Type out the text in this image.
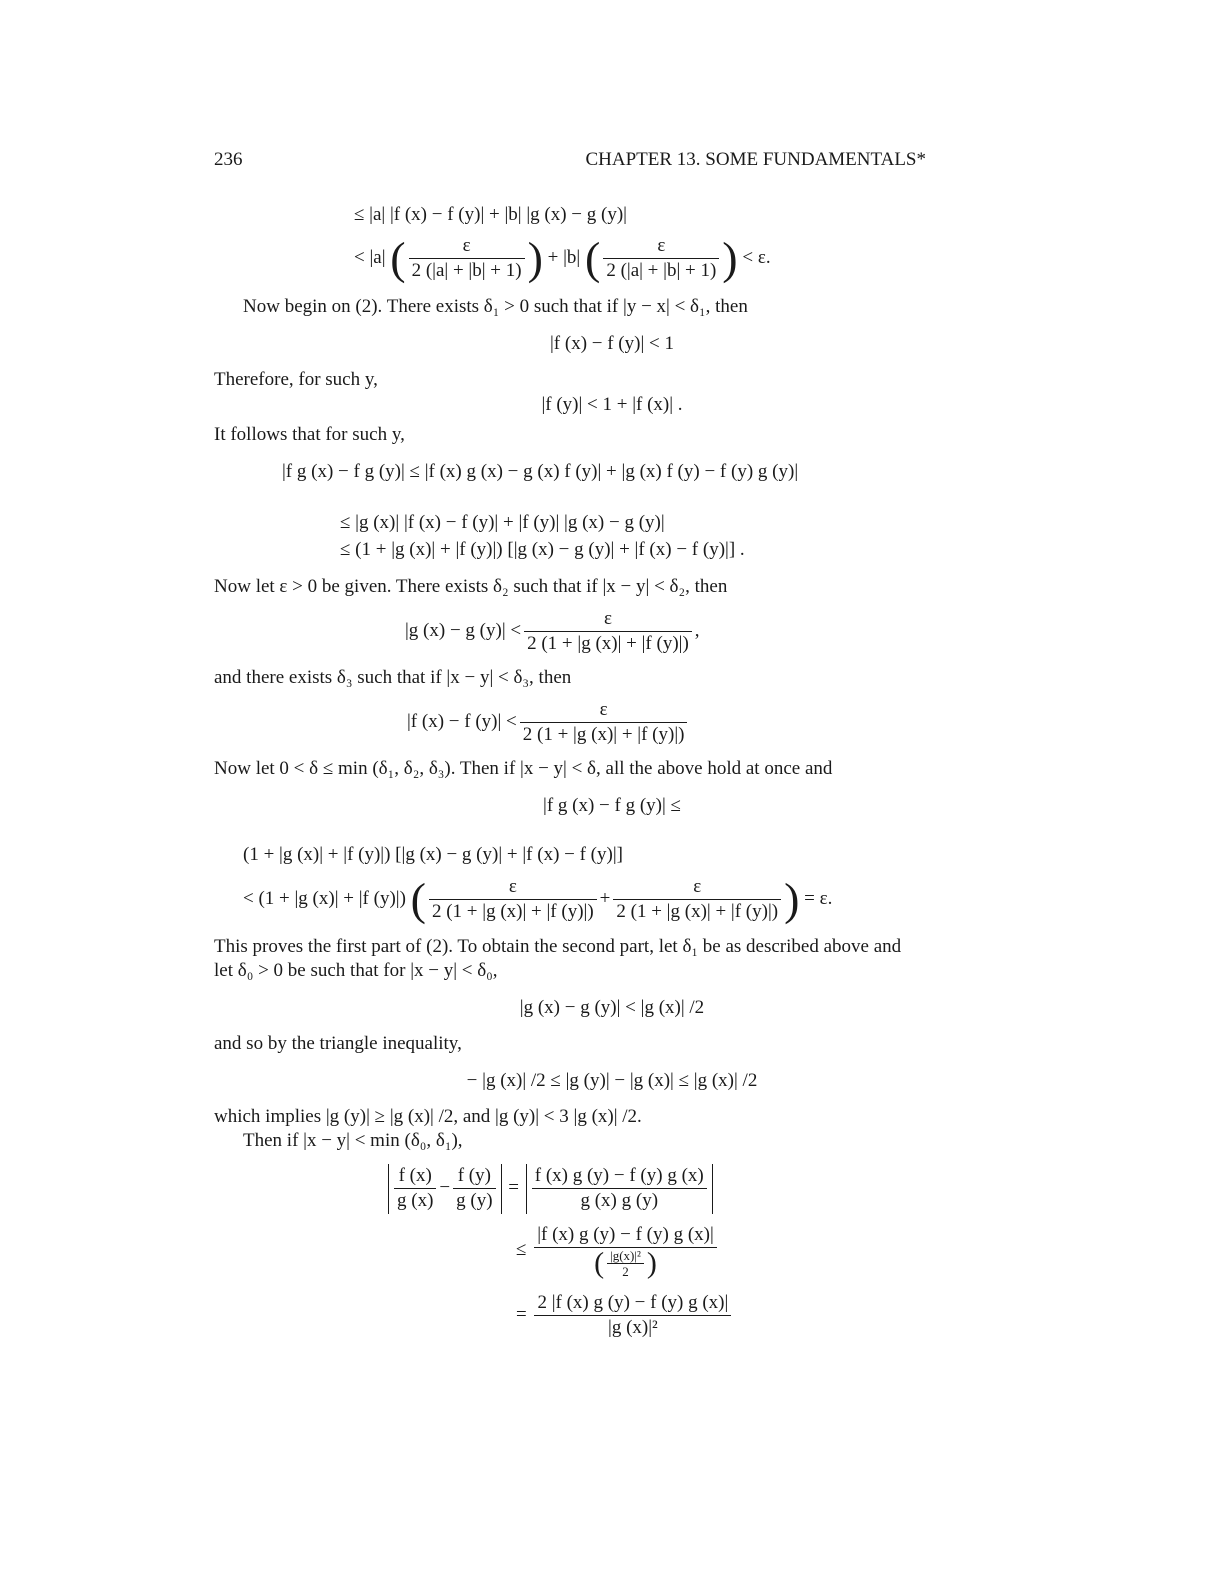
236	CHAPTER 13. SOME FUNDAMENTALS*
≤ |a| |f (x) − f (y)| + |b| |g (x) − g (y)|
< |a| ( $\frac{\varepsilon}{2 (|a| + |b| + 1)}$ ) + |b| ( $\frac{\varepsilon}{2 (|a| + |b| + 1)}$ ) < ε.
Now begin on (2). There exists δ₁ > 0 such that if |y − x| < δ₁, then
|f (x) − f (y)| < 1
Therefore, for such y,
|f (y)| < 1 + |f (x)| .
It follows that for such y,
|f g (x) − f g (y)| ≤ |f (x) g (x) − g (x) f (y)| + |g (x) f (y) − f (y) g (y)|
≤ |g (x)| |f (x) − f (y)| + |f (y)| |g (x) − g (y)|
≤ (1 + |g (x)| + |f (y)|) [|g (x) − g (y)| + |f (x) − f (y)|] .
Now let ε > 0 be given. There exists δ₂ such that if |x − y| < δ₂, then
|g (x) − g $(y)| < \frac{\varepsilon}{2 (1 + |g (x)| + |f (y)|)}$ ,
and there exists δ₃ such that if |x − y| < δ₃, then
|f (x) − f $(y)| < \frac{\varepsilon}{2 (1 + |g (x)| + |f (y)|)}$
Now let 0 < δ ≤ min (δ₁, δ₂, δ₃). Then if |x − y| < δ, all the above hold at once and
|f g (x) − f g (y)| ≤
(1 + |g (x)| + |f (y)|) [|g (x) − g (y)| + |f (x) − f (y)|]
< (1 + |g (x)| + |f (y)|) ( $\frac{\varepsilon}{2 (1 + |g (x)| + |f (y)|)} + \frac{\varepsilon}{2 (1 + |g (x)| + |f (y)|)}$ ) = ε.
This proves the first part of (2). To obtain the second part, let δ₁ be as described above and
let δ₀ > 0 be such that for |x − y| < δ₀,
|g (x) − g (y)| < |g (x)| /2
and so by the triangle inequality,
− |g (x)| /2 ≤ |g (y)| − |g (x)| ≤ |g (x)| /2
which implies |g (y)| ≥ |g (x)| /2, and |g (y)| < 3 |g (x)| /2.
Then if |x − y| < min (δ₀, δ₁),
$\frac{f (x)}{g (x)} - \frac{f (y)}{g (y)} = \frac{f (x) g (y) - f (y) g (x)}{g (x) g (y)}$
≤ $\frac{|f (x) g (y) - f (y) g (x)|}{( \frac{\text{|g(x)|²}}{2} )}$
= $\frac{2 |f (x) g (y) - f (y) g (x)|}{\text{|g (x)|²}}$
